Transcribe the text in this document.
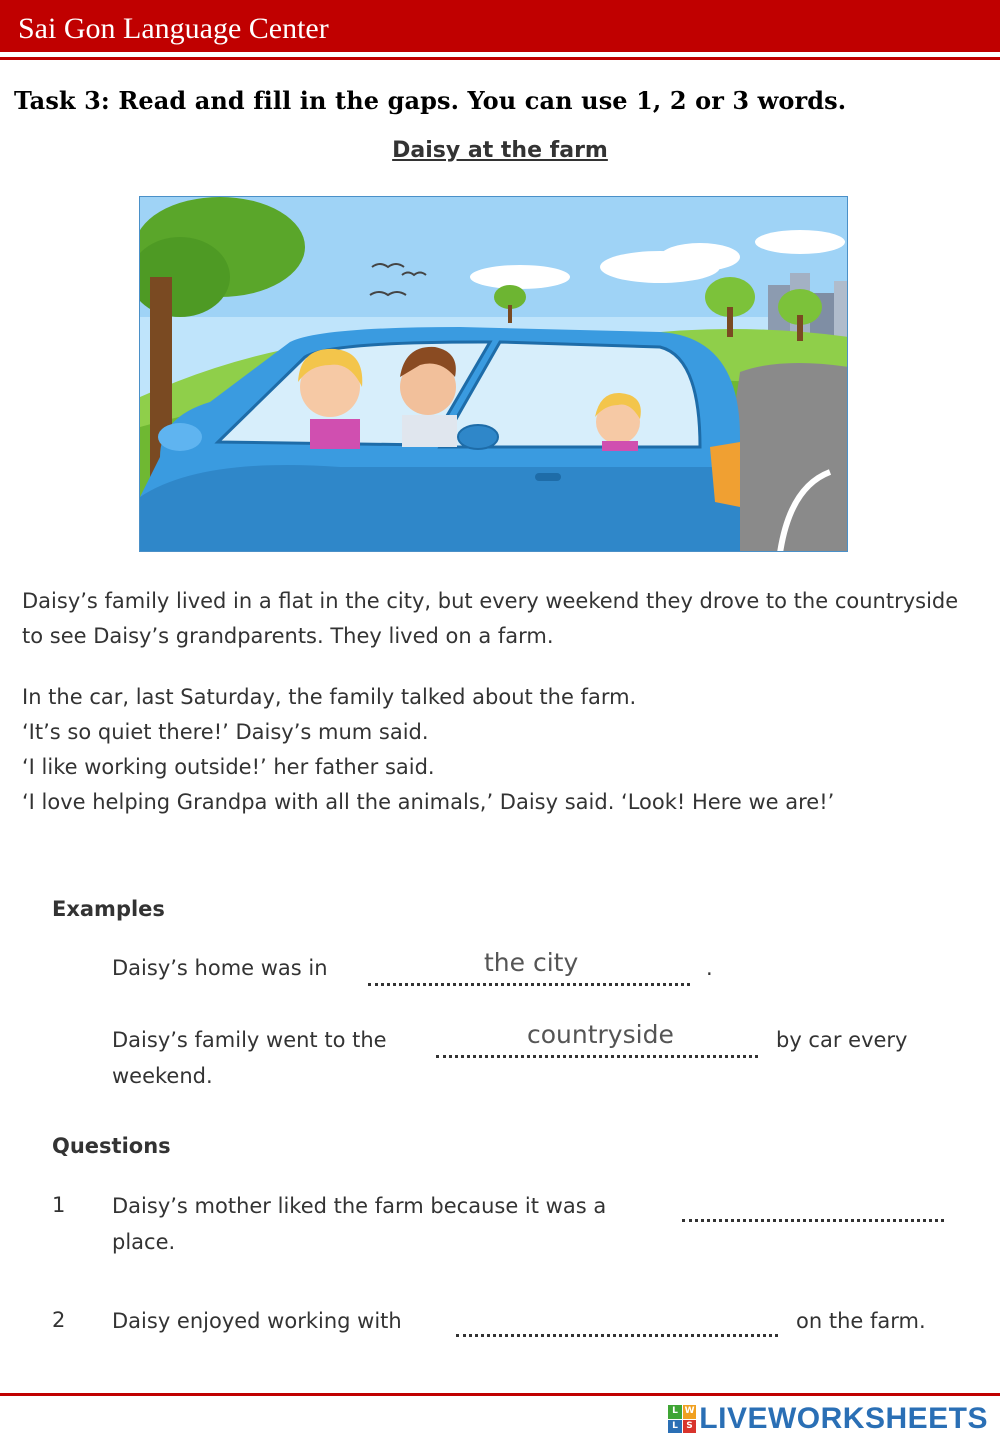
Sai Gon Language Center
Task 3: Read and fill in the gaps. You can use 1, 2 or 3 words.
Daisy at the farm

Daisy’s family lived in a flat in the city, but every weekend they drove to the countryside to see Daisy’s grandparents. They lived on a farm.

In the car, last Saturday, the family talked about the farm.

‘It’s so quiet there!’ Daisy’s mum said.

‘I like working outside!’ her father said.

‘I love helping Grandpa with all the animals,’ Daisy said. ‘Look! Here we are!’

Examples
Daisy’s home was in	the city	.
Daisy’s family went to the	countryside	by car every
weekend.
Questions
1 Daisy’s mother liked the farm because it was a
place.
2 Daisy enjoyed working with	on the farm.
L W
L S LIVEWORKSHEETS
